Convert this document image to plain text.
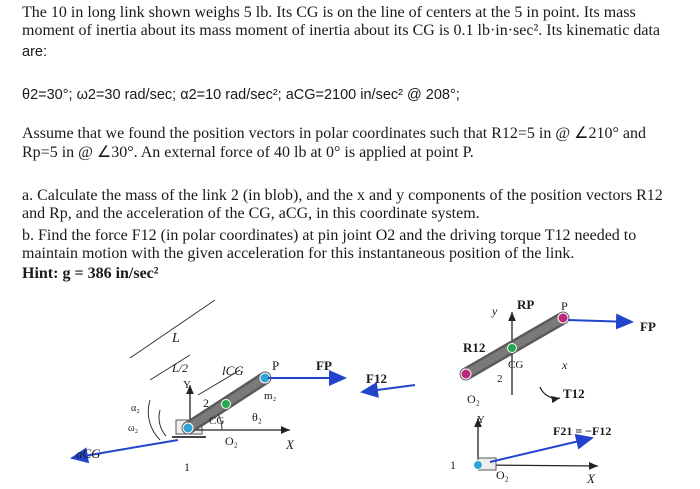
The 10 in long link shown weighs 5 lb. Its CG is on the line of centers at the 5 in point. Its mass
moment of inertia about its mass moment of inertia about its CG is 0.1 lb·in·sec². Its kinematic data
are:
θ2=30°; ω2=30 rad/sec; α2=10 rad/sec²; aCG=2100 in/sec² @ 208°;
Assume that we found the position vectors in polar coordinates such that R12=5 in @ ∠210° and
Rp=5 in @ ∠30°. An external force of 40 lb at 0° is applied at point P.
a. Calculate the mass of the link 2 (in blob), and the x and y components of the position vectors R12
and Rp, and the acceleration of the CG, aCG, in this coordinate system.
b. Find the force F12 (in polar coordinates) at pin joint O2 and the driving torque T12 needed to
maintain motion with the given acceleration for this instantaneous position of the link.
Hint: g = 386 in/sec²
L
L/2	lCG P	FP
m₂
θ₂
CG
O₂	X
Y
α₂
ω₂
aCG
1
2
F12
R12
y RP P
FP
CG	x
2
O₂	T12
Y
F21 = −F12
1
O₂	X
